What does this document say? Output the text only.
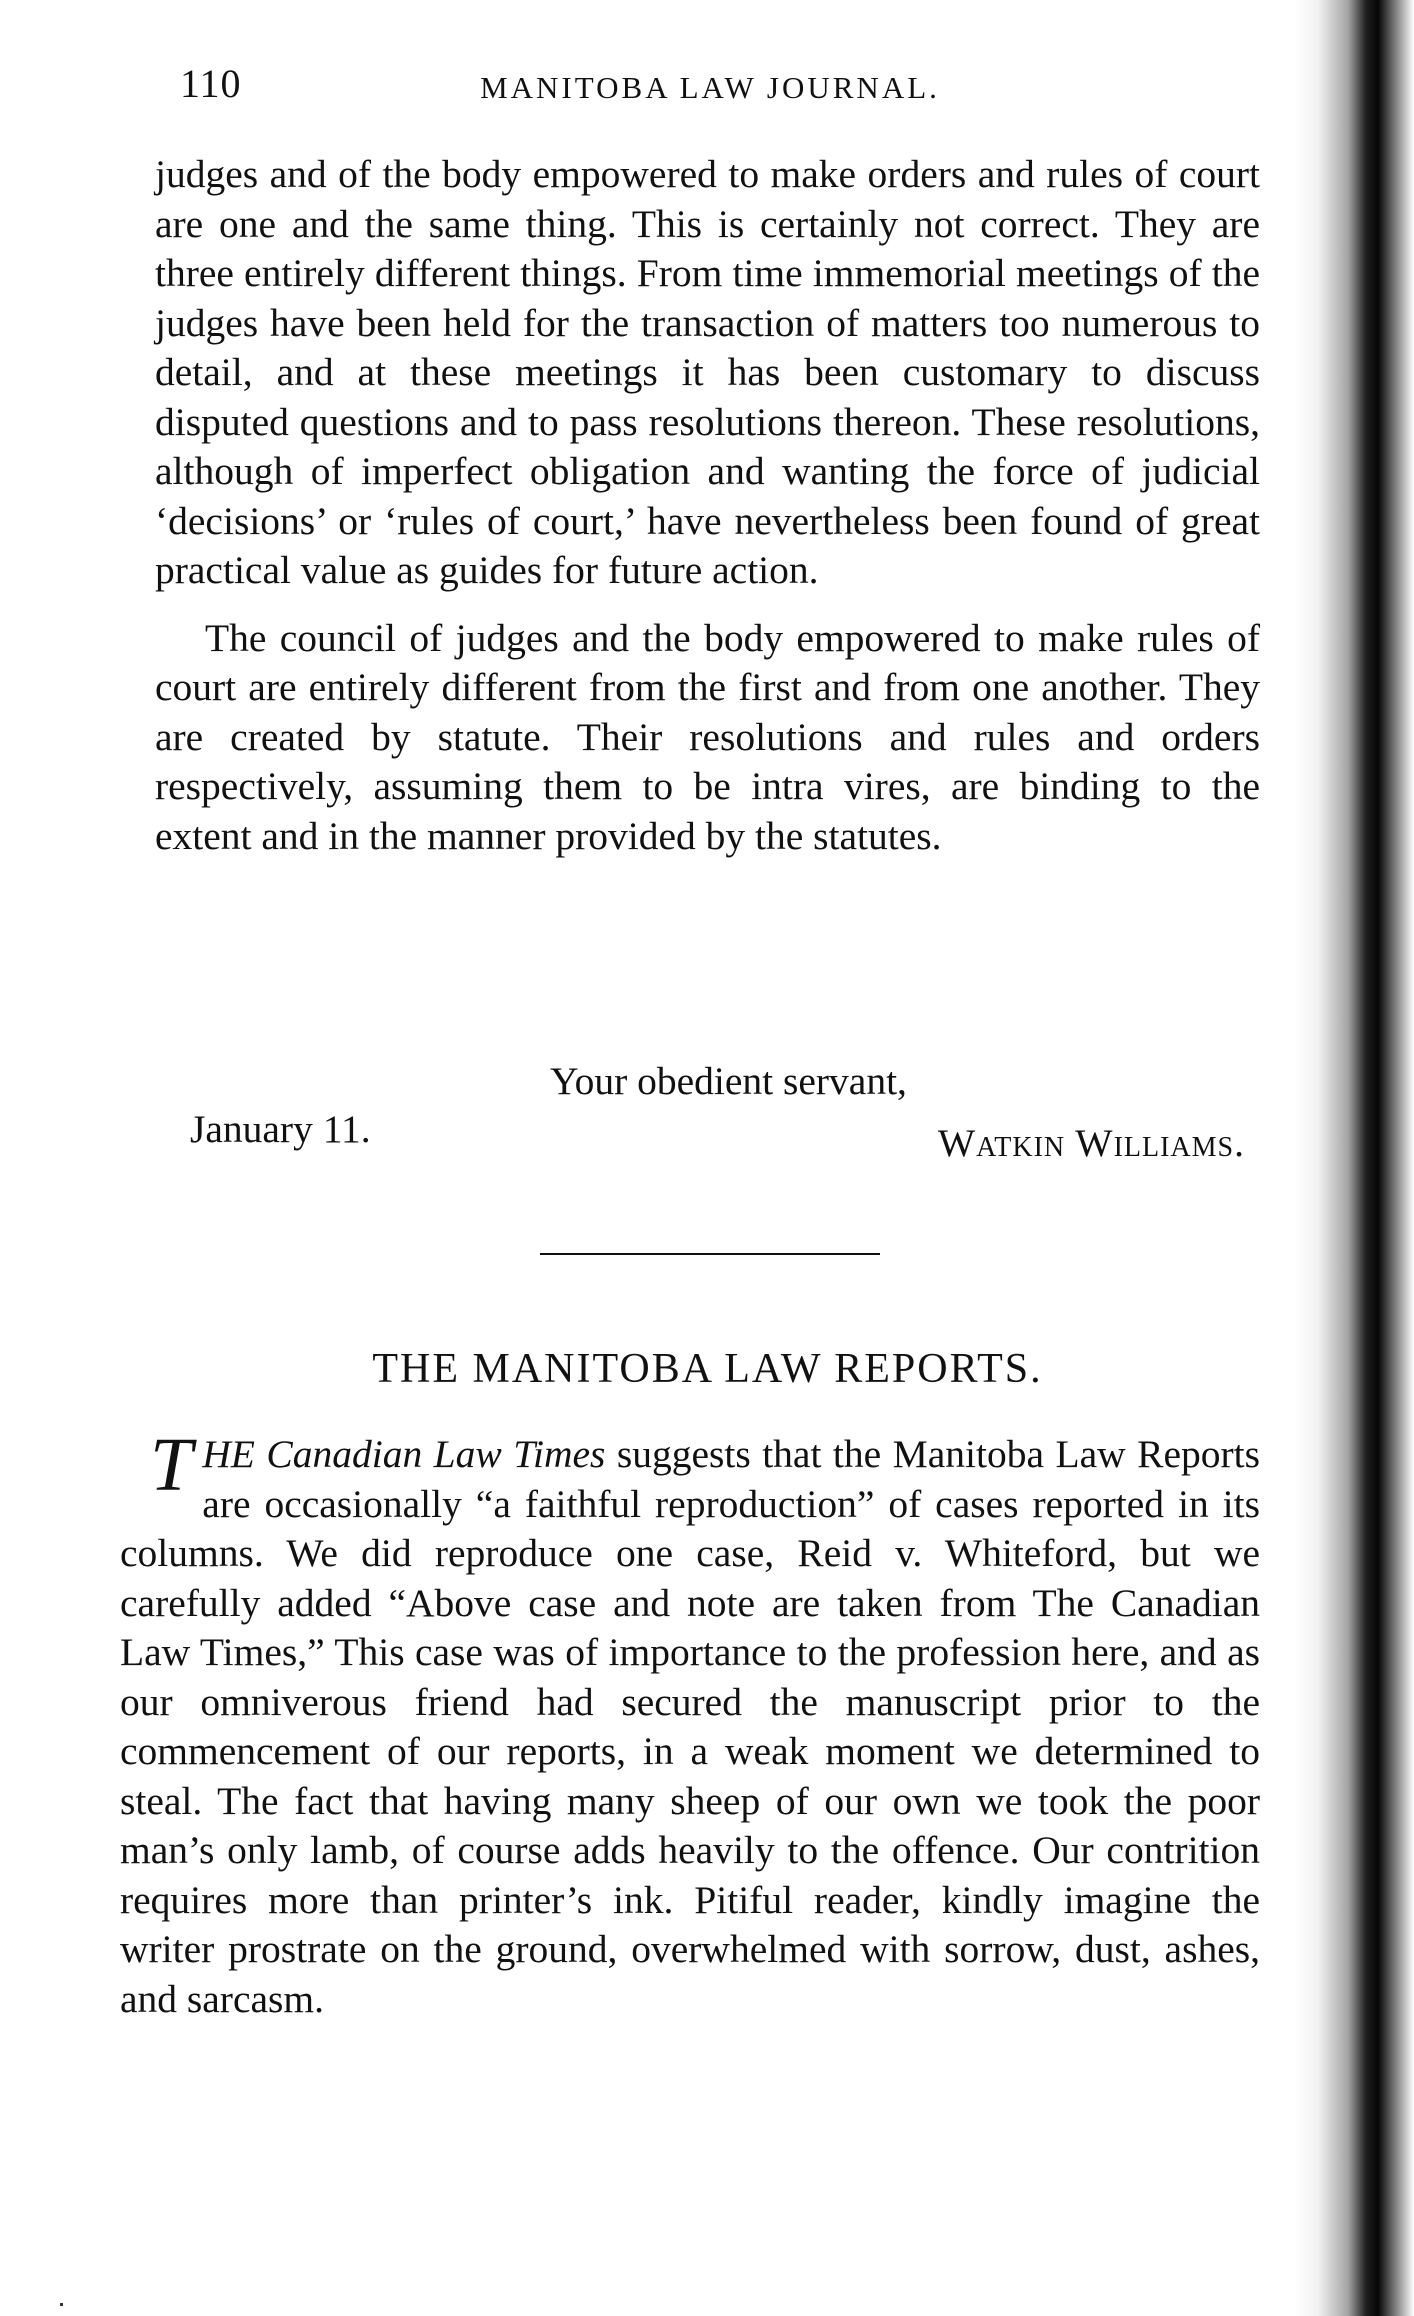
110	MANITOBA LAW JOURNAL.

judges and of the body empowered to make orders and rules of court are one and the same thing. This is certainly not correct. They are three entirely different things. From time immemorial meetings of the judges have been held for the transaction of matters too numerous to detail, and at these meetings it has been customary to discuss disputed questions and to pass resolutions thereon. These resolutions, although of imperfect obligation and wanting the force of judicial ‘decisions’ or ‘rules of court,’ have nevertheless been found of great practical value as guides for future action.

The council of judges and the body empowered to make rules of court are entirely different from the first and from one another. They are created by statute. Their resolutions and rules and orders respectively, assuming them to be intra vires, are binding to the extent and in the manner provided by the statutes.

Your obedient servant,
January 11.	Watkin Williams.
THE MANITOBA LAW REPORTS.

THE Canadian Law Times suggests that the Manitoba Law Reports are occasionally “a faithful reproduction” of cases reported in its columns. We did reproduce one case, Reid v. Whiteford, but we carefully added “Above case and note are taken from The Canadian Law Times,” This case was of importance to the profession here, and as our omniverous friend had secured the manuscript prior to the commencement of our reports, in a weak moment we determined to steal. The fact that having many sheep of our own we took the poor man’s only lamb, of course adds heavily to the offence. Our contrition requires more than printer’s ink. Pitiful reader, kindly imagine the writer prostrate on the ground, overwhelmed with sorrow, dust, ashes, and sarcasm.
